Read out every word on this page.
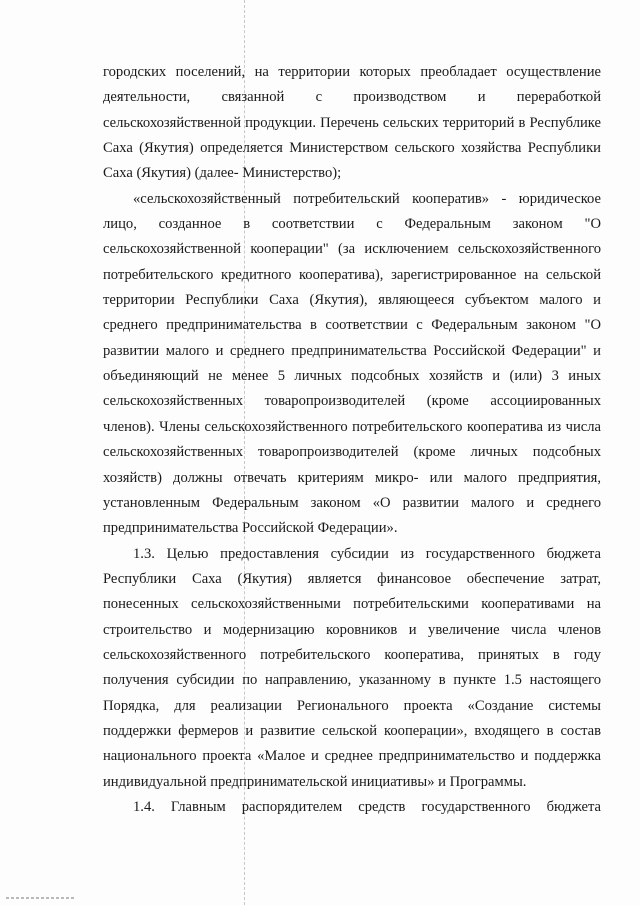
городских поселений, на территории которых преобладает осуществление деятельности, связанной с производством и переработкой сельскохозяйственной продукции. Перечень сельских территорий в Республике Саха (Якутия) определяется Министерством сельского хозяйства Республики Саха (Якутия) (далее- Министерство);

«сельскохозяйственный потребительский кооператив» - юридическое лицо, созданное в соответствии с Федеральным законом "О сельскохозяйственной кооперации" (за исключением сельскохозяйственного потребительского кредитного кооператива), зарегистрированное на сельской территории Республики Саха (Якутия), являющееся субъектом малого и среднего предпринимательства в соответствии с Федеральным законом "О развитии малого и среднего предпринимательства Российской Федерации" и объединяющий не менее 5 личных подсобных хозяйств и (или) 3 иных сельскохозяйственных товаропроизводителей (кроме ассоциированных членов). Члены сельскохозяйственного потребительского кооператива из числа сельскохозяйственных товаропроизводителей (кроме личных подсобных хозяйств) должны отвечать критериям микро- или малого предприятия, установленным Федеральным законом «О развитии малого и среднего предпринимательства Российской Федерации».

1.3. Целью предоставления субсидии из государственного бюджета Республики Саха (Якутия) является финансовое обеспечение затрат, понесенных сельскохозяйственными потребительскими кооперативами на строительство и модернизацию коровников и увеличение числа членов сельскохозяйственного потребительского кооператива, принятых в году получения субсидии по направлению, указанному в пункте 1.5 настоящего Порядка, для реализации Регионального проекта «Создание системы поддержки фермеров и развитие сельской кооперации», входящего в состав национального проекта «Малое и среднее предпринимательство и поддержка индивидуальной предпринимательской инициативы» и Программы.

1.4. Главным распорядителем средств государственного бюджета
